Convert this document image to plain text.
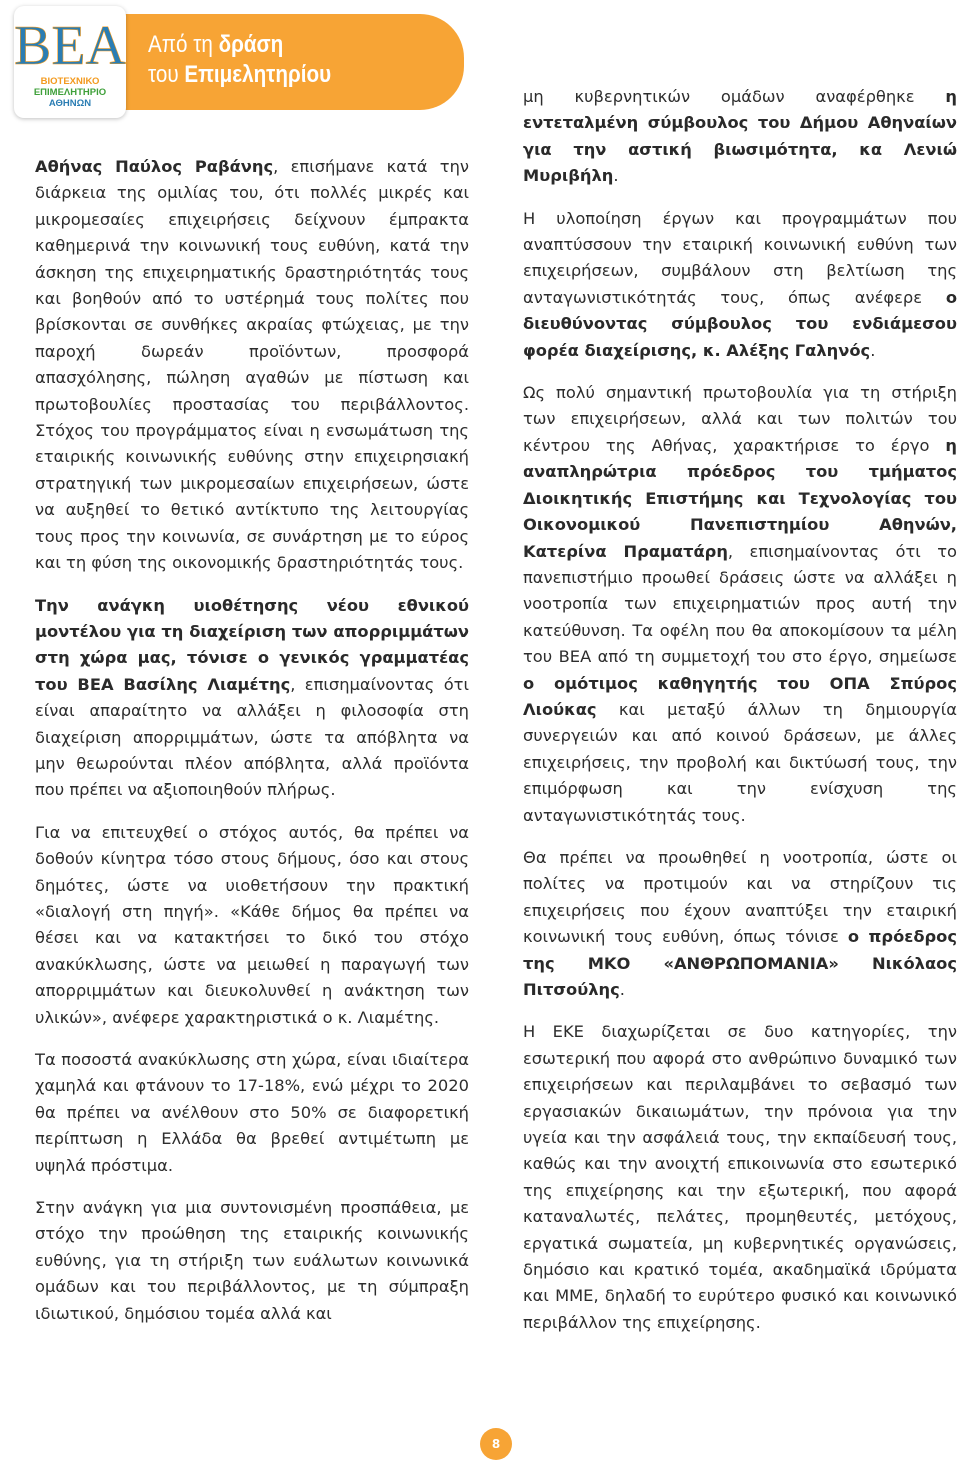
ΒΕΑ
ΒΙΟΤΕΧΝΙΚΟ
ΕΠΙΜΕΛΗΤΗΡΙΟ
ΑΘΗΝΩΝ
Από τη δράση
του Επιμελητηρίου

Αθήνας Παύλος Ραβάνης, επισήμανε κατά την διάρκεια της ομιλίας του, ότι πολλές μικρές και μικρομεσαίες επιχειρήσεις δείχνουν έμπρακτα καθημερινά την κοινωνική τους ευθύνη, κατά την άσκηση της επιχειρηματικής δραστηριότητάς τους και βοηθούν από το υστέρημά τους πολίτες που βρίσκονται σε συνθήκες ακραίας φτώχειας, με την παροχή δωρεάν προϊόντων, προσφορά απασχόλησης, πώληση αγαθών με πίστωση και πρωτοβουλίες προστασίας του περιβάλλοντος. Στόχος του προγράμματος είναι η ενσωμάτωση της εταιρικής κοινωνικής ευθύνης στην επιχειρησιακή στρατηγική των μικρομεσαίων επιχειρήσεων, ώστε να αυξηθεί το θετικό αντίκτυπο της λειτουργίας τους προς την κοινωνία, σε συνάρτηση με το εύρος και τη φύση της οικονομικής δραστηριότητάς τους.

Την ανάγκη υιοθέτησης νέου εθνικού μοντέλου για τη διαχείριση των απορριμμάτων στη χώρα μας, τόνισε ο γενικός γραμματέας του ΒΕΑ Βασίλης Λιαμέτης, επισημαίνοντας ότι είναι απαραίτητο να αλλάξει η φιλοσοφία στη διαχείριση απορριμμάτων, ώστε τα απόβλητα να μην θεωρούνται πλέον απόβλητα, αλλά προϊόντα που πρέπει να αξιοποιηθούν πλήρως.

Για να επιτευχθεί ο στόχος αυτός, θα πρέπει να δοθούν κίνητρα τόσο στους δήμους, όσο και στους δημότες, ώστε να υιοθετήσουν την πρακτική «διαλογή στη πηγή». «Κάθε δήμος θα πρέπει να θέσει και να κατακτήσει το δικό του στόχο ανακύκλωσης, ώστε να μειωθεί η παραγωγή των απορριμμάτων και διευκολυνθεί η ανάκτηση των υλικών», ανέφερε χαρακτηριστικά ο κ. Λιαμέτης.

Τα ποσοστά ανακύκλωσης στη χώρα, είναι ιδιαίτερα χαμηλά και φτάνουν το 17-18%, ενώ μέχρι το 2020 θα πρέπει να ανέλθουν στο 50% σε διαφορετική περίπτωση η Ελλάδα θα βρεθεί αντιμέτωπη με υψηλά πρόστιμα.

Στην ανάγκη για μια συντονισμένη προσπάθεια, με στόχο την προώθηση της εταιρικής κοινωνικής ευθύνης, για τη στήριξη των ευάλωτων κοινωνικά ομάδων και του περιβάλλοντος, με τη σύμπραξη ιδιωτικού, δημόσιου τομέα αλλά και

μη κυβερνητικών ομάδων αναφέρθηκε η εντεταλμένη σύμβουλος του Δήμου Αθηναίων για την αστική βιωσιμότητα, κα Λενιώ Μυριβήλη.

Η υλοποίηση έργων και προγραμμάτων που αναπτύσσουν την εταιρική κοινωνική ευθύνη των επιχειρήσεων, συμβάλουν στη βελτίωση της ανταγωνιστικότητάς τους, όπως ανέφερε ο διευθύνοντας σύμβουλος του ενδιάμεσου φορέα διαχείρισης, κ. Αλέξης Γαληνός.

Ως πολύ σημαντική πρωτοβουλία για τη στήριξη των επιχειρήσεων, αλλά και των πολιτών του κέντρου της Αθήνας, χαρακτήρισε το έργο η αναπληρώτρια πρόεδρος του τμήματος Διοικητικής Επιστήμης και Τεχνολογίας του Οικονομικού Πανεπιστημίου Αθηνών, Κατερίνα Πραματάρη, επισημαίνοντας ότι το πανεπιστήμιο προωθεί δράσεις ώστε να αλλάξει η νοοτροπία των επιχειρηματιών προς αυτή την κατεύθυνση. Τα οφέλη που θα αποκομίσουν τα μέλη του ΒΕΑ από τη συμμετοχή του στο έργο, σημείωσε ο ομότιμος καθηγητής του ΟΠΑ Σπύρος Λιούκας και μεταξύ άλλων τη δημιουργία συνεργειών και από κοινού δράσεων, με άλλες επιχειρήσεις, την προβολή και δικτύωσή τους, την επιμόρφωση και την ενίσχυση της ανταγωνιστικότητάς τους.

Θα πρέπει να προωθηθεί η νοοτροπία, ώστε οι πολίτες να προτιμούν και να στηρίζουν τις επιχειρήσεις που έχουν αναπτύξει την εταιρική κοινωνική τους ευθύνη, όπως τόνισε ο πρόεδρος της ΜΚΟ «ΑΝΘΡΩΠΟΜΑΝΙΑ» Νικόλαος Πιτσούλης.

Η ΕΚΕ διαχωρίζεται σε δυο κατηγορίες, την εσωτερική που αφορά στο ανθρώπινο δυναμικό των επιχειρήσεων και περιλαμβάνει το σεβασμό των εργασιακών δικαιωμάτων, την πρόνοια για την υγεία και την ασφάλειά τους, την εκπαίδευσή τους, καθώς και την ανοιχτή επικοινωνία στο εσωτερικό της επιχείρησης και την εξωτερική, που αφορά καταναλωτές, πελάτες, προμηθευτές, μετόχους, εργατικά σωματεία, μη κυβερνητικές οργανώσεις, δημόσιο και κρατικό τομέα, ακαδημαϊκά ιδρύματα και ΜΜΕ, δηλαδή το ευρύτερο φυσικό και κοινωνικό περιβάλλον της επιχείρησης.

8
